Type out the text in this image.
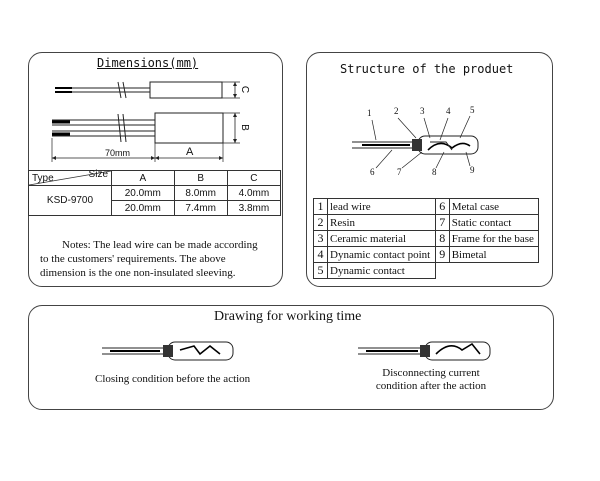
Dimensions(mm)
70mm	A
C
B
Type Size	A	B	C
KSD-9700	20.0mm	8.0mm	4.0mm
	20.0mm	7.4mm	3.8mm
Notes: The lead wire can be made according
to the customers' requirements. The above
dimension is the one non-insulated sleeving.
Structure of the produet
1	2 3 4 5
6	7	8	9
1	lead wire	6	Metal case
2	Resin	7	Static contact
3	Ceramic material	8	Frame for the base
4	Dynamic contact point	9	Bimetal
5	Dynamic contact		
Drawing for working time
Closing condition before the action	Disconnecting current
condition after the action
